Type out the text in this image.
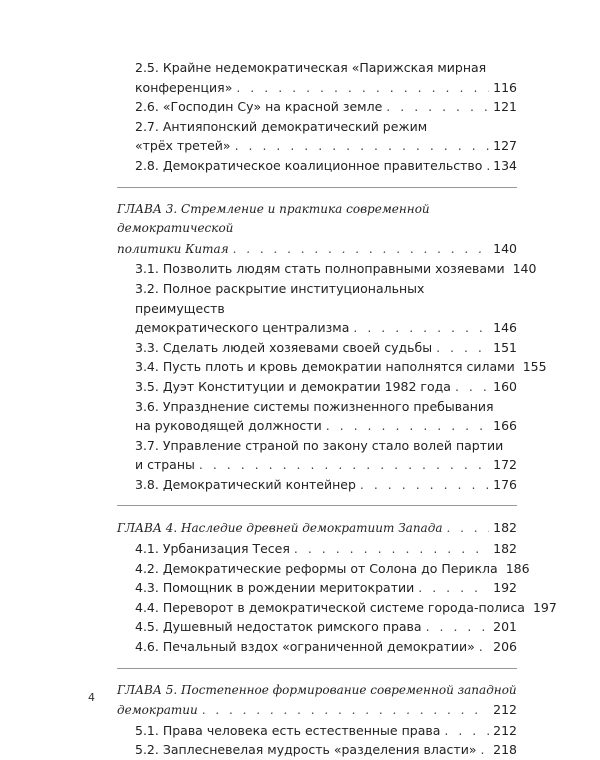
2.5. Крайне недемократическая «Парижская мирная
конференция» . . .	116
2.6. «Господин Су» на красной земле . . .	121
2.7. Антияпонский демократический режим
«трёх третей» . . .	127
2.8. Демократическое коалиционное правительство . . . 134
ГЛАВА 3. Стремление и практика современной демократической
политики Китая . . .	140
3.1. Позволить людям стать полноправными хозяевами 140
3.2. Полное раскрытие институциональных преимуществ
демократического централизма . . .	146
3.3. Сделать людей хозяевами своей судьбы . . .	151
3.4. Пусть плоть и кровь демократии наполнятся силами 155
3.5. Дуэт Конституции и демократии 1982 года . . .	160
3.6. Упразднение системы пожизненного пребывания
на руководящей должности . . .	166
3.7. Управление страной по закону стало волей партии
и страны . . .	172
3.8. Демократический контейнер . . .	176
ГЛАВА 4. Наследие древней демократиит Запада . . .	182
4.1. Урбанизация Тесея . . .	182
4.2. Демократические реформы от Солона до Перикла 186
4.3. Помощник в рождении меритократии . . .	192
4.4. Переворот в демократической системе города-полиса 197
4.5. Душевный недостаток римского права . . .	201
4.6. Печальный вздох «ограниченной демократии» . . . 206
ГЛАВА 5. Постепенное формирование современной западной
демократии . . .	212
5.1. Права человека есть естественные права . . .	212
5.2. Заплесневелая мудрость «разделения власти» . . . 218
4
